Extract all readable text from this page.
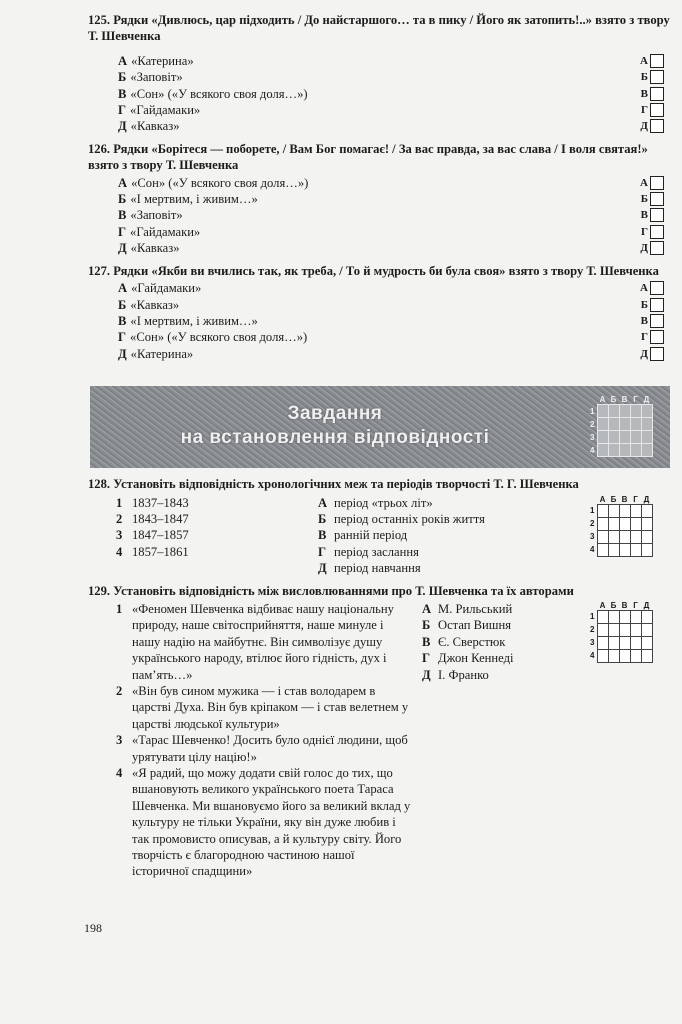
125. Рядки «Дивлюсь, цар підходить / До найстаршого… та в пику / Його як затопить!..» взято з твору Т. Шевченка
А «Катерина»	А
Б «Заповіт»	Б
В «Сон» («У всякого своя доля…»)	В
Г «Гайдамаки»	Г
Д «Кавказ»	Д
126. Рядки «Борітеся — поборете, / Вам Бог помагає! / За вас правда, за вас слава / І воля святая!» взято з твору Т. Шевченка
А «Сон» («У всякого своя доля…»)	А
Б «І мертвим, і живим…»	Б
В «Заповіт»	В
Г «Гайдамаки»	Г
Д «Кавказ»	Д
127. Рядки «Якби ви вчились так, як треба, / То й мудрость би була своя» взято з твору Т. Шевченка
А «Гайдамаки»	А
Б «Кавказ»	Б
В «І мертвим, і живим…»	В
Г «Сон» («У всякого своя доля…»)	Г
Д «Катерина»	Д
Завдання
на встановлення відповідності
	А	Б	В	Г	Д
1					
2					
3					
4					
128. Установіть відповідність хронологічних меж та періодів творчості Т. Г. Шевченка
1 1837–1843
2 1843–1847
3 1847–1857
4 1857–1861
А період «трьох літ»
Б період останніх років життя
В ранній період
Г період заслання
Д період навчання
	А	Б	В	Г	Д
1					
2					
3					
4					
129. Установіть відповідність між висловлюваннями про Т. Шевченка та їх авторами
1 «Феномен Шевченка відбиває нашу національну природу, наше світосприйняття, наше минуле і нашу надію на майбутнє. Він символізує душу українського народу, втілює його гідність, дух і пам’ять…»
2 «Він був сином мужика — і став володарем в царстві Духа. Він був кріпаком — і став велетнем у царстві людської культури»
3 «Тарас Шевченко! Досить було однієї людини, щоб урятувати цілу націю!»
4 «Я радий, що можу додати свій голос до тих, що вшановують великого українського поета Тараса Шевченка. Ми вшановуємо його за великий вклад у культуру не тільки України, яку він дуже любив і так промовисто описував, а й культуру світу. Його творчість є благородною частиною нашої історичної спадщини»
А М. Рильський
Б Остап Вишня
В Є. Сверстюк
Г Джон Кеннеді
Д І. Франко
	А	Б	В	Г	Д
1					
2					
3					
4					
198
